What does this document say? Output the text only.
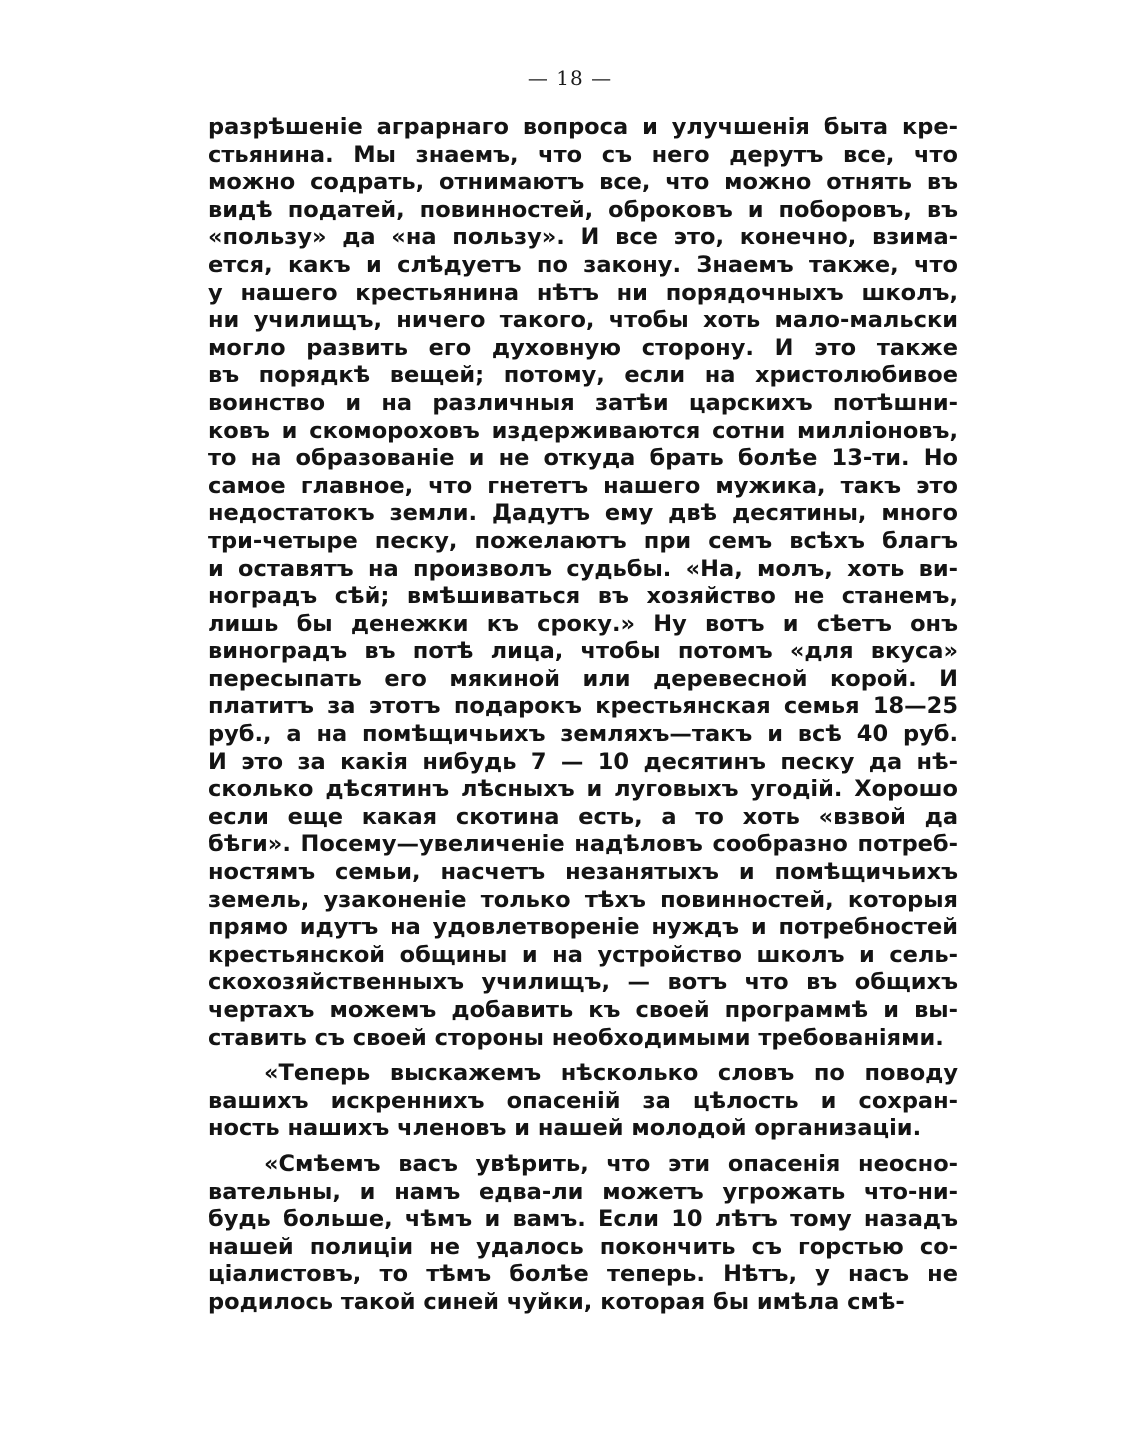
— 18 —
разрѣшеніе аграрнаго вопроса и улучшенія быта кре-
стьянина. Мы знаемъ, что съ него дерутъ все, что
можно содрать, отнимаютъ все, что можно отнять въ
видѣ податей, повинностей, оброковъ и поборовъ, въ
«пользу» да «на пользу». И все это, конечно, взима-
ется, какъ и слѣдуетъ по закону. Знаемъ также, что
у нашего крестьянина нѣтъ ни порядочныхъ школъ,
ни училищъ, ничего такого, чтобы хоть мало-мальски
могло развить его духовную сторону. И это также
въ порядкѣ вещей; потому, если на христолюбивое
воинство и на различныя затѣи царскихъ потѣшни-
ковъ и скомороховъ издерживаются сотни милліоновъ,
то на образованіе и не откуда брать болѣе 13-ти. Но
самое главное, что гнететъ нашего мужика, такъ это
недостатокъ земли. Дадутъ ему двѣ десятины, много
три-четыре песку, пожелаютъ при семъ всѣхъ благъ
и оставятъ на произволъ судьбы. «На, молъ, хоть ви-
ноградъ сѣй; вмѣшиваться въ хозяйство не станемъ,
лишь бы денежки къ сроку.» Ну вотъ и сѣетъ онъ
виноградъ въ потѣ лица, чтобы потомъ «для вкуса»
пересыпать его мякиной или деревесной корой. И
платитъ за этотъ подарокъ крестьянская семья 18—25
руб., а на помѣщичьихъ земляхъ—такъ и всѣ 40 руб.
И это за какія нибудь 7 — 10 десятинъ песку да нѣ-
сколько дѣсятинъ лѣсныхъ и луговыхъ угодій. Хорошо
если еще какая скотина есть, а то хоть «взвой да
бѣги». Посему—увеличеніе надѣловъ сообразно потреб-
ностямъ семьи, насчетъ незанятыхъ и помѣщичьихъ
земель, узаконеніе только тѣхъ повинностей, которыя
прямо идутъ на удовлетвореніе нуждъ и потребностей
крестьянской общины и на устройство школъ и сель-
скохозяйственныхъ училищъ, — вотъ что въ общихъ
чертахъ можемъ добавить къ своей программѣ и вы-
ставить съ своей стороны необходимыми требованіями.
«Теперь выскажемъ нѣсколько словъ по поводу
вашихъ искреннихъ опасеній за цѣлость и сохран-
ность нашихъ членовъ и нашей молодой организаціи.
«Смѣемъ васъ увѣрить, что эти опасенія неосно-
вательны, и намъ едва-ли можетъ угрожать что-ни-
будь больше, чѣмъ и вамъ. Если 10 лѣтъ тому назадъ
нашей полиціи не удалось покончить съ горстью со-
ціалистовъ, то тѣмъ болѣе теперь. Нѣтъ, у насъ не
родилось такой синей чуйки, которая бы имѣла смѣ-
